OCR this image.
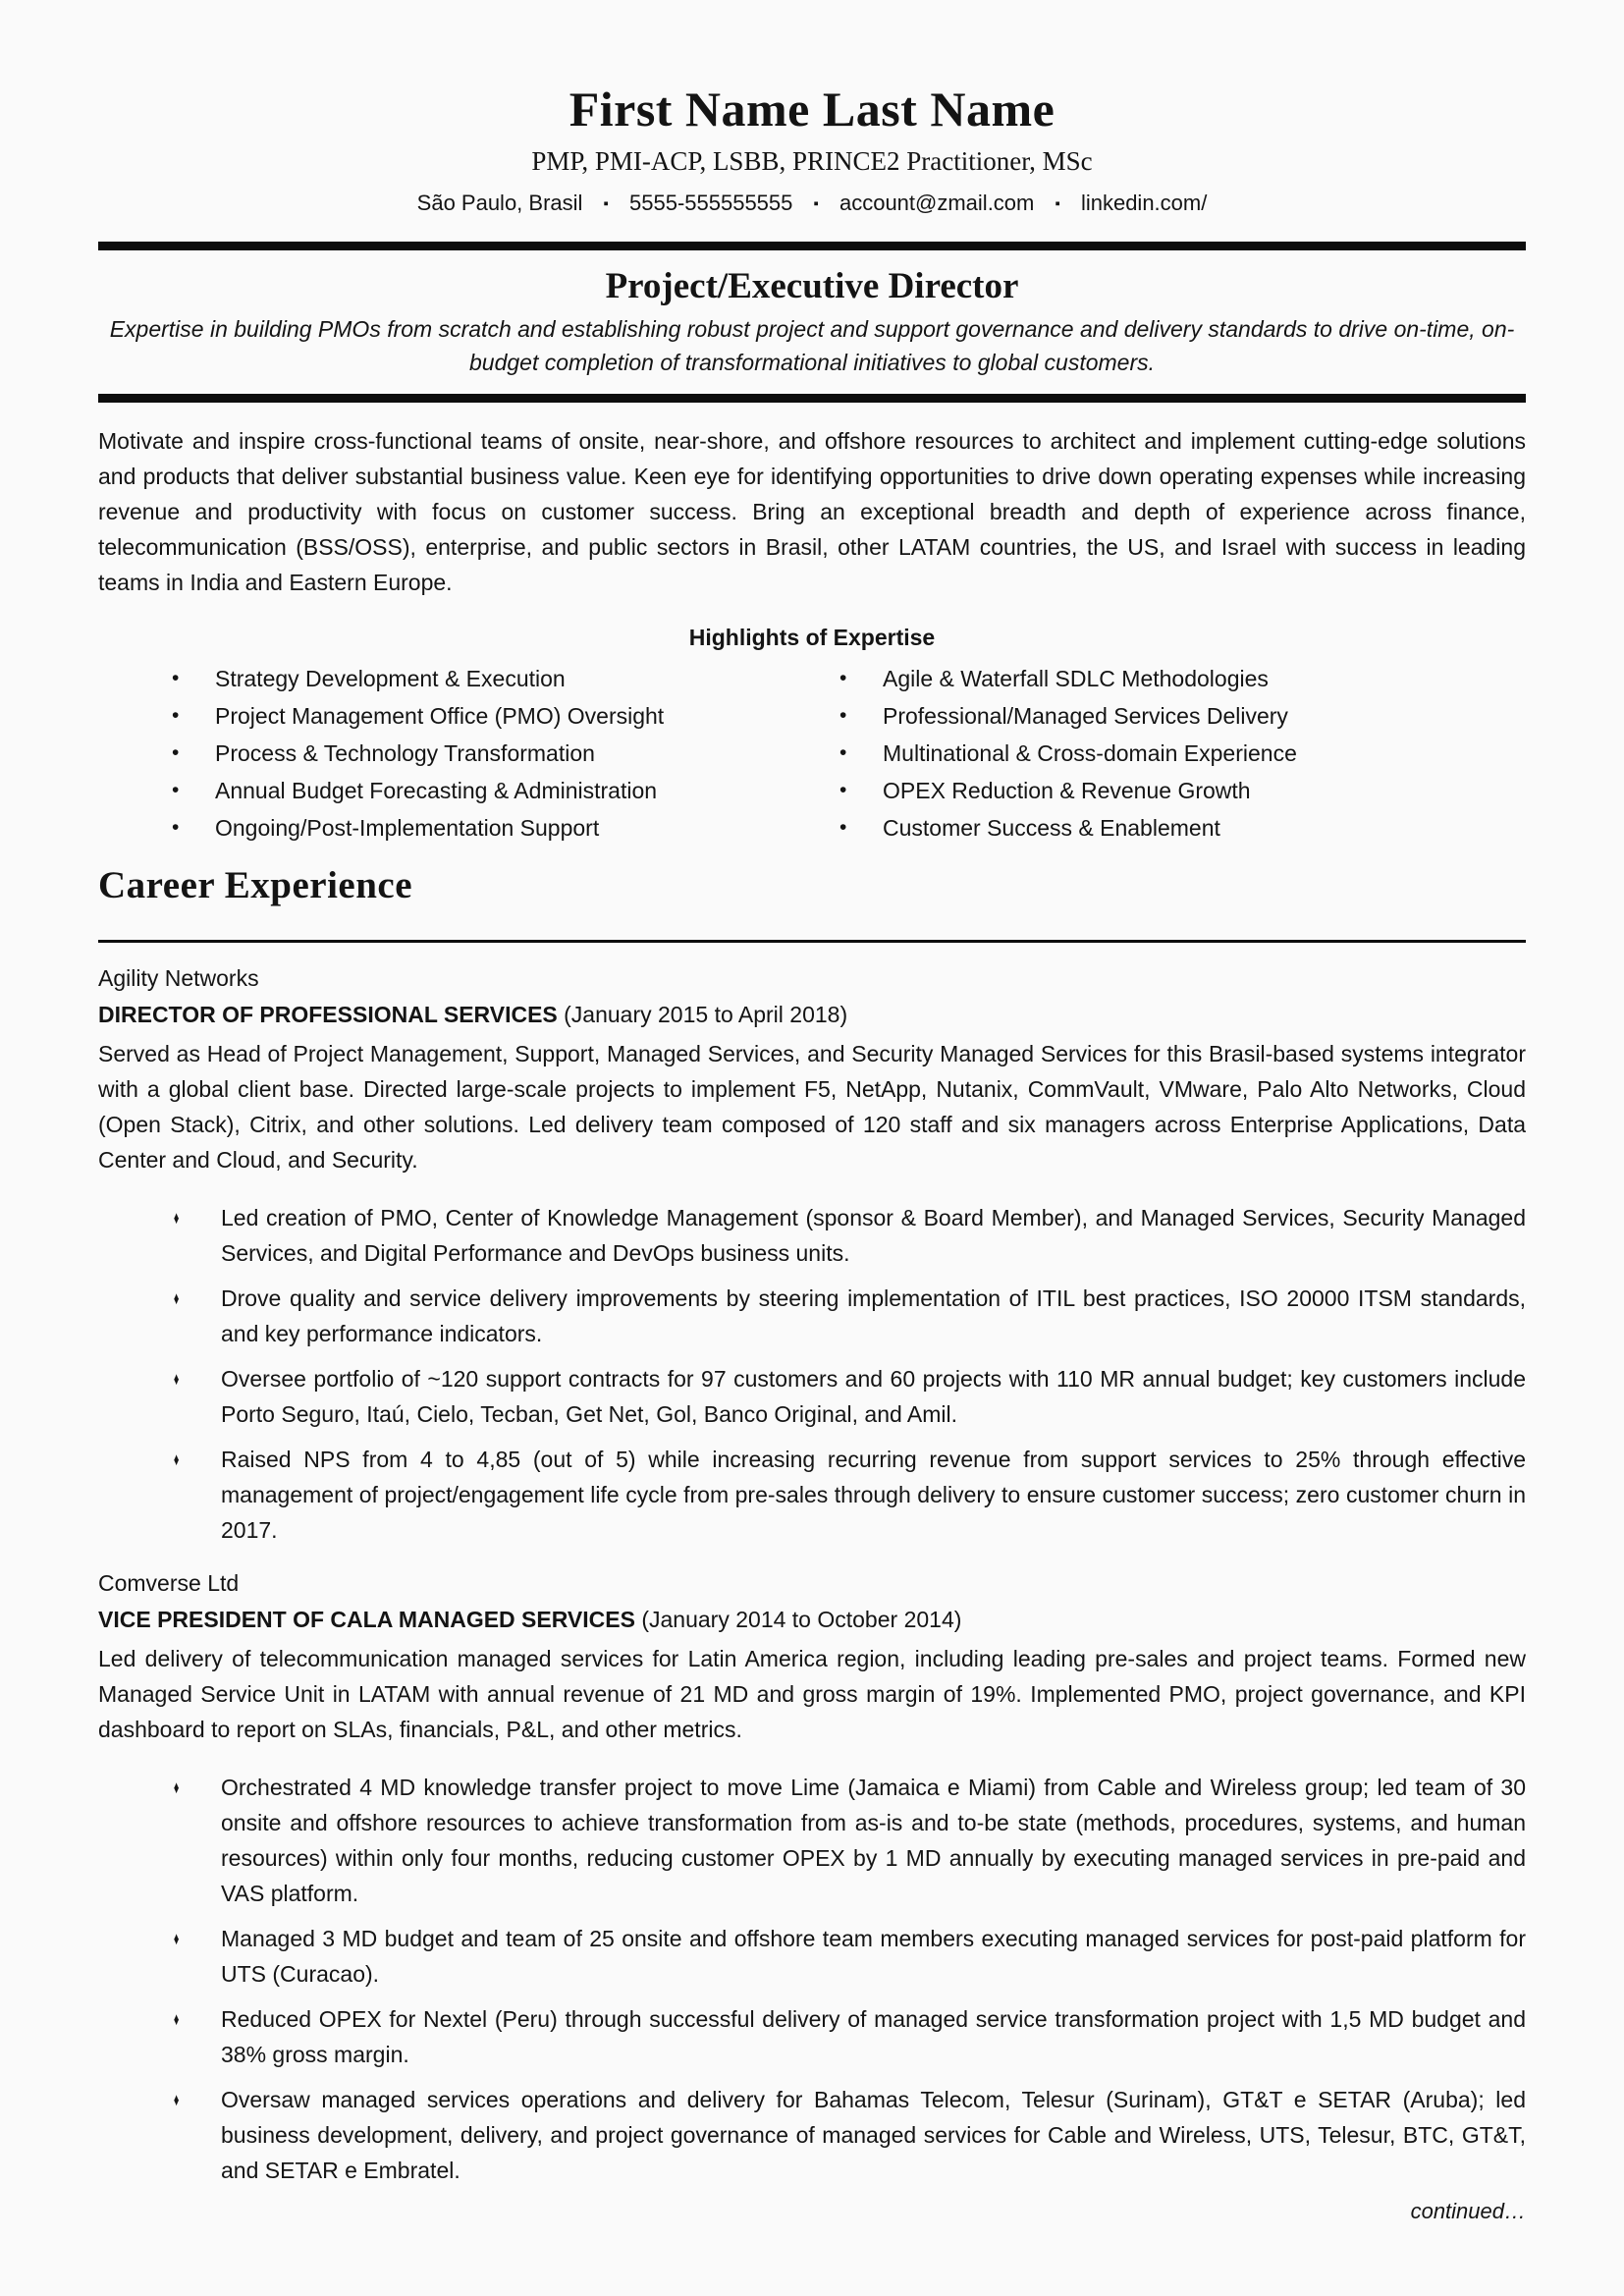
First Name Last Name
PMP, PMI-ACP, LSBB, PRINCE2 Practitioner, MSc
São Paulo, Brasil ▪ 5555-555555555 ▪ account@zmail.com ▪ linkedin.com/
Project/Executive Director
Expertise in building PMOs from scratch and establishing robust project and support governance and delivery standards to drive on-time, on-budget completion of transformational initiatives to global customers.

Motivate and inspire cross-functional teams of onsite, near-shore, and offshore resources to architect and implement cutting-edge solutions and products that deliver substantial business value. Keen eye for identifying opportunities to drive down operating expenses while increasing revenue and productivity with focus on customer success. Bring an exceptional breadth and depth of experience across finance, telecommunication (BSS/OSS), enterprise, and public sectors in Brasil, other LATAM countries, the US, and Israel with success in leading teams in India and Eastern Europe.

Highlights of Expertise
•	Strategy Development & Execution
•	Project Management Office (PMO) Oversight
•	Process & Technology Transformation
•	Annual Budget Forecasting & Administration
•	Ongoing/Post-Implementation Support
•	Agile & Waterfall SDLC Methodologies
•	Professional/Managed Services Delivery
•	Multinational & Cross-domain Experience
•	OPEX Reduction & Revenue Growth
•	Customer Success & Enablement
Career Experience
Agility Networks
DIRECTOR OF PROFESSIONAL SERVICES (January 2015 to April 2018)

Served as Head of Project Management, Support, Managed Services, and Security Managed Services for this Brasil-based systems integrator with a global client base. Directed large-scale projects to implement F5, NetApp, Nutanix, CommVault, VMware, Palo Alto Networks, Cloud (Open Stack), Citrix, and other solutions. Led delivery team composed of 120 staff and six managers across Enterprise Applications, Data Center and Cloud, and Security.

♦	Led creation of PMO, Center of Knowledge Management (sponsor & Board Member), and Managed Services, Security Managed Services, and Digital Performance and DevOps business units.
♦	Drove quality and service delivery improvements by steering implementation of ITIL best practices, ISO 20000 ITSM standards, and key performance indicators.
♦	Oversee portfolio of ~120 support contracts for 97 customers and 60 projects with 110 MR annual budget; key customers include Porto Seguro, Itaú, Cielo, Tecban, Get Net, Gol, Banco Original, and Amil.
♦	Raised NPS from 4 to 4,85 (out of 5) while increasing recurring revenue from support services to 25% through effective management of project/engagement life cycle from pre-sales through delivery to ensure customer success; zero customer churn in 2017.
Comverse Ltd
VICE PRESIDENT OF CALA MANAGED SERVICES (January 2014 to October 2014)

Led delivery of telecommunication managed services for Latin America region, including leading pre-sales and project teams. Formed new Managed Service Unit in LATAM with annual revenue of 21 MD and gross margin of 19%. Implemented PMO, project governance, and KPI dashboard to report on SLAs, financials, P&L, and other metrics.

♦	Orchestrated 4 MD knowledge transfer project to move Lime (Jamaica e Miami) from Cable and Wireless group; led team of 30 onsite and offshore resources to achieve transformation from as-is and to-be state (methods, procedures, systems, and human resources) within only four months, reducing customer OPEX by 1 MD annually by executing managed services in pre-paid and VAS platform.
♦	Managed 3 MD budget and team of 25 onsite and offshore team members executing managed services for post-paid platform for UTS (Curacao).
♦	Reduced OPEX for Nextel (Peru) through successful delivery of managed service transformation project with 1,5 MD budget and 38% gross margin.
♦	Oversaw managed services operations and delivery for Bahamas Telecom, Telesur (Surinam), GT&T e SETAR (Aruba); led business development, delivery, and project governance of managed services for Cable and Wireless, UTS, Telesur, BTC, GT&T, and SETAR e Embratel.
continued…
